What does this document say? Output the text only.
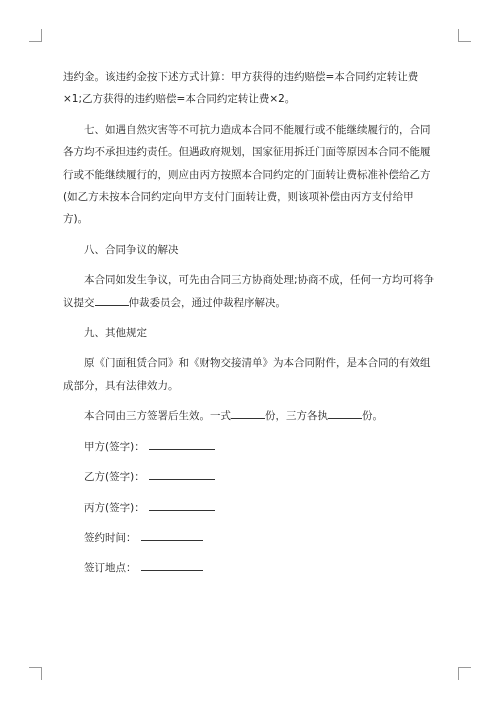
违约金。该违约金按下述方式计算：甲方获得的违约赔偿=本合同约定转让费×1;乙方获得的违约赔偿=本合同约定转让费×2。

七、如遇自然灾害等不可抗力造成本合同不能履行或不能继续履行的，合同各方均不承担违约责任。但遇政府规划，国家征用拆迁门面等原因本合同不能履行或不能继续履行的，则应由丙方按照本合同约定的门面转让费标准补偿给乙方(如乙方未按本合同约定向甲方支付门面转让费，则该项补偿由丙方支付给甲方)。

八、合同争议的解决

本合同如发生争议，可先由合同三方协商处理;协商不成，任何一方均可将争议提交	仲裁委员会，通过仲裁程序解决。

九、其他规定

原《门面租赁合同》和《财物交接清单》为本合同附件，是本合同的有效组成部分，具有法律效力。

本合同由三方签署后生效。一式	份，三方各执	份。

甲方(签字)：

乙方(签字)：

丙方(签字)：

签约时间：

签订地点：
